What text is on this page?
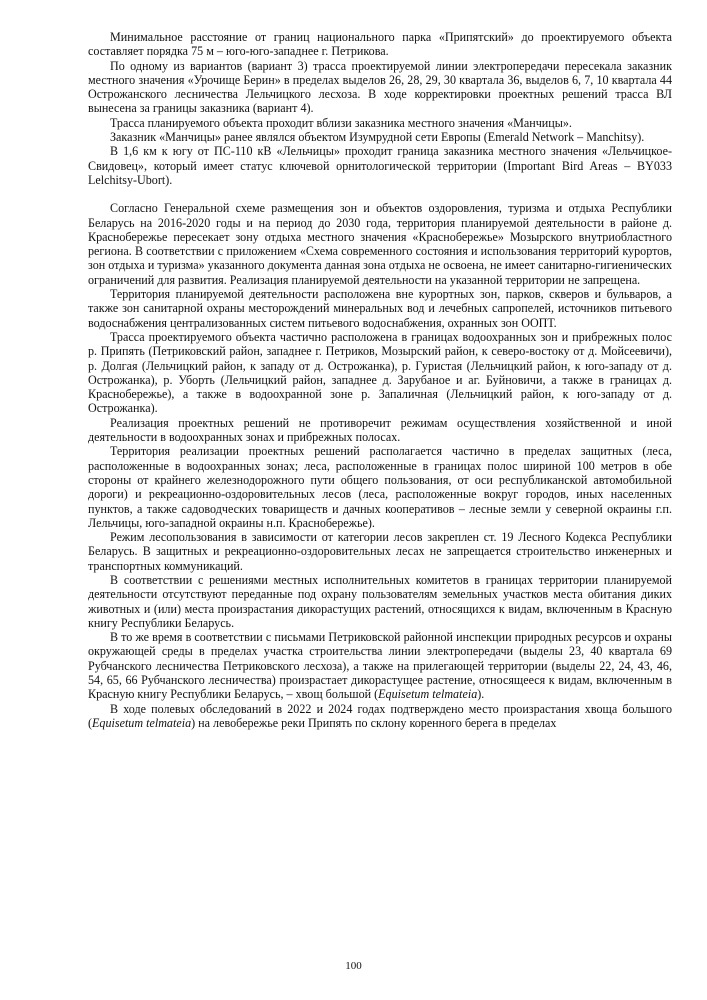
Минимальное расстояние от границ национального парка «Припятский» до проектируемого объекта составляет порядка 75 м – юго-юго-западнее г. Петрикова.

По одному из вариантов (вариант 3) трасса проектируемой линии электропередачи пересекала заказник местного значения «Урочище Берин» в пределах выделов 26, 28, 29, 30 квартала 36, выделов 6, 7, 10 квартала 44 Острожанского лесничества Лельчицкого лесхоза. В ходе корректировки проектных решений трасса ВЛ вынесена за границы заказника (вариант 4).

Трасса планируемого объекта проходит вблизи заказника местного значения «Манчицы».

Заказник «Манчицы» ранее являлся объектом Изумрудной сети Европы (Emerald Network – Manchitsy).

В 1,6 км к югу от ПС-110 кВ «Лельчицы» проходит граница заказника местного значения «Лельчицкое-Свидовец», который имеет статус ключевой орнитологической территории (Important Bird Areas – BY033 Lelchitsy-Ubort).

Согласно Генеральной схеме размещения зон и объектов оздоровления, туризма и отдыха Республики Беларусь на 2016-2020 годы и на период до 2030 года, территория планируемой деятельности в районе д. Краснобережье пересекает зону отдыха местного значения «Краснобережье» Мозырского внутриобластного региона. В соответствии с приложением «Схема современного состояния и использования территорий курортов, зон отдыха и туризма» указанного документа данная зона отдыха не освоена, не имеет санитарно-гигиенических ограничений для развития. Реализация планируемой деятельности на указанной территории не запрещена.

Территория планируемой деятельности расположена вне курортных зон, парков, скверов и бульваров, а также зон санитарной охраны месторождений минеральных вод и лечебных сапропелей, источников питьевого водоснабжения централизованных систем питьевого водоснабжения, охранных зон ООПТ.

Трасса проектируемого объекта частично расположена в границах водоохранных зон и прибрежных полос р. Припять (Петриковский район, западнее г. Петриков, Мозырский район, к северо-востоку от д. Мойсеевичи), р. Долгая (Лельчицкий район, к западу от д. Острожанка), р. Гуристая (Лельчицкий район, к юго-западу от д. Острожанка), р. Уборть (Лельчицкий район, западнее д. Зарубаное и аг. Буйновичи, а также в границах д. Краснобережье), а также в водоохранной зоне р. Запаличная (Лельчицкий район, к юго-западу от д. Острожанка).

Реализация проектных решений не противоречит режимам осуществления хозяйственной и иной деятельности в водоохранных зонах и прибрежных полосах.

Территория реализации проектных решений располагается частично в пределах защитных (леса, расположенные в водоохранных зонах; леса, расположенные в границах полос шириной 100 метров в обе стороны от крайнего железнодорожного пути общего пользования, от оси республиканской автомобильной дороги) и рекреационно-оздоровительных лесов (леса, расположенные вокруг городов, иных населенных пунктов, а также садоводческих товариществ и дачных кооперативов – лесные земли у северной окраины г.п. Лельчицы, юго-западной окраины н.п. Краснобережье).

Режим лесопользования в зависимости от категории лесов закреплен ст. 19 Лесного Кодекса Республики Беларусь. В защитных и рекреационно-оздоровительных лесах не запрещается строительство инженерных и транспортных коммуникаций.

В соответствии с решениями местных исполнительных комитетов в границах территории планируемой деятельности отсутствуют переданные под охрану пользователям земельных участков места обитания диких животных и (или) места произрастания дикорастущих растений, относящихся к видам, включенным в Красную книгу Республики Беларусь.

В то же время в соответствии с письмами Петриковской районной инспекции природных ресурсов и охраны окружающей среды в пределах участка строительства линии электропередачи (выделы 23, 40 квартала 69 Рубчанского лесничества Петриковского лесхоза), а также на прилегающей территории (выделы 22, 24, 43, 46, 54, 65, 66 Рубчанского лесничества) произрастает дикорастущее растение, относящееся к видам, включенным в Красную книгу Республики Беларусь, – хвощ большой (Equisetum telmateia).

В ходе полевых обследований в 2022 и 2024 годах подтверждено место произрастания хвоща большого (Equisetum telmateia) на левобережье реки Припять по склону коренного берега в пределах

100
